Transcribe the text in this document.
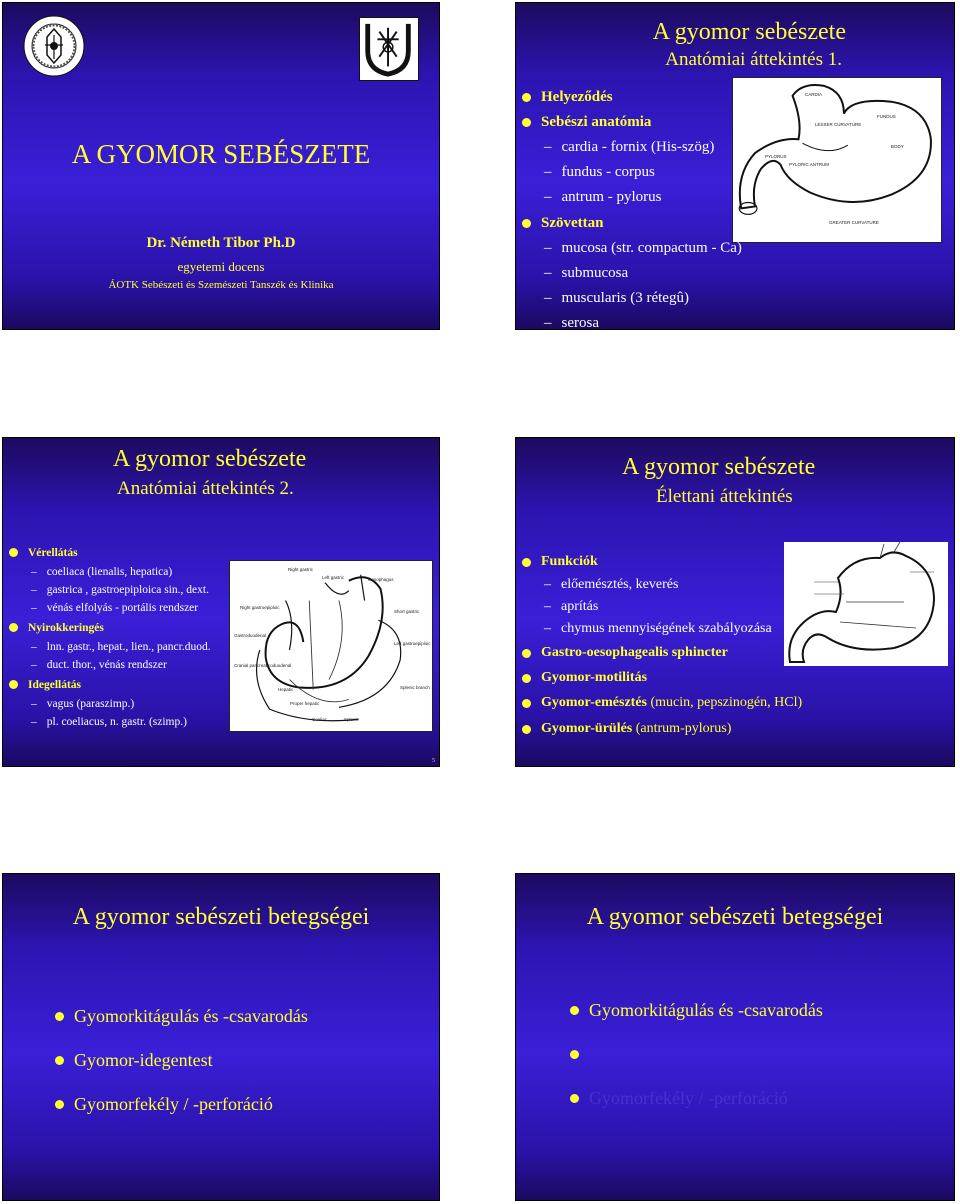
A GYOMOR SEBÉSZETE
Dr. Németh Tibor Ph.D
egyetemi docens
ÁOTK Sebészeti és Szemészeti Tanszék és Klinika
A gyomor sebészete
Anatómiai áttekintés 1.
CARDIA
FUNDUS
LESSER CURVATURE
PYLORUS
PYLORIC ANTRUM
BODY
GREATER CURVATURE
Helyeződés
Sebészi anatómia
– cardia - fornix (His-szög)
– fundus - corpus
– antrum - pylorus
Szövettan
– mucosa (str. compactum - Ca)
– submucosa
– muscularis (3 rétegû)
– serosa
A gyomor sebészete
Anatómiai áttekintés 2.
Right gastric
Left gastric	Oesophagus
Right gastroepiploic
Short gastric
Gastroduodenal
Left gastroepiploic
Cranial pancreaticoduodenal
Hepatic	Splenic branch
Proper hepatic
Coeliac	Splenic
Vérellátás
– coeliaca (lienalis, hepatica)
– gastrica , gastroepiploica sin., dext.
– vénás elfolyás - portális rendszer
Nyirokkeringés
– lnn. gastr., hepat., lien., pancr.duod.
– duct. thor., vénás rendszer
Idegellátás
– vagus (paraszimp.)
– pl. coeliacus, n. gastr. (szimp.)
5
A gyomor sebészete
Élettani áttekintés
Funkciók
– előemésztés, keverés
– aprítás
– chymus mennyiségének szabályozása
Gastro-oesophagealis sphincter
Gyomor-motilitás
Gyomor-emésztés (mucin, pepszinogén, HCl)
Gyomor-ürülés (antrum-pylorus)
A gyomor sebészeti betegségei
Gyomorkitágulás és -csavarodás
Gyomor-idegentest
Gyomorfekély / -perforáció
A gyomor sebészeti betegségei
Gyomorkitágulás és -csavarodás
Gyomorfekély / -perforáció
